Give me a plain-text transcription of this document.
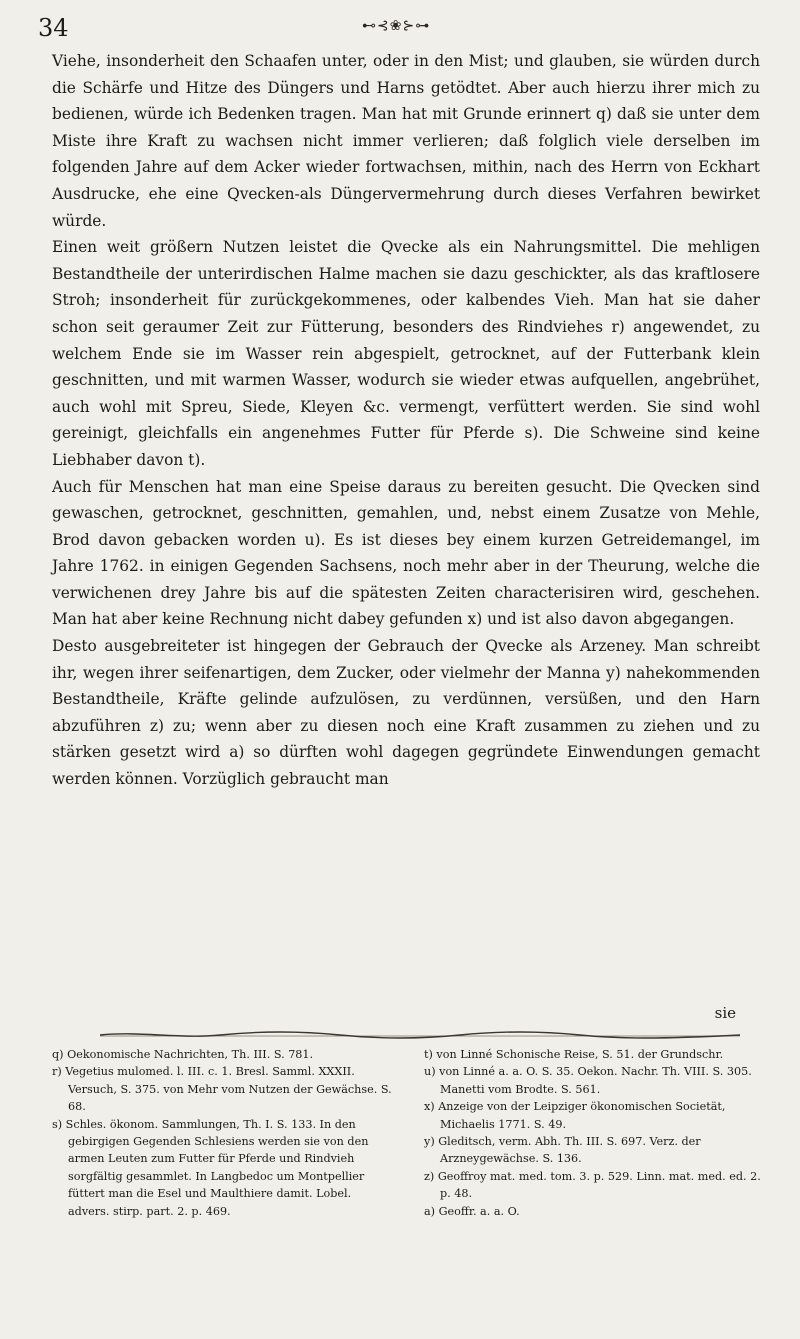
34	⊷⊰❀⊱⊶

Viehe, insonderheit den Schaafen unter, oder in den Mist; und glauben, sie würden durch die Schärfe und Hitze des Düngers und Harns getödtet. Aber auch hierzu ihrer mich zu bedienen, würde ich Bedenken tragen. Man hat mit Grunde erinnert q) daß sie unter dem Miste ihre Kraft zu wachsen nicht immer verlieren; daß folglich viele derselben im folgenden Jahre auf dem Acker wieder fortwachsen, mithin, nach des Herrn von Eckhart Ausdrucke, ehe eine Qvecken-als Düngervermehrung durch dieses Verfahren bewirket würde.

Einen weit größern Nutzen leistet die Qvecke als ein Nahrungsmittel. Die mehligen Bestandtheile der unterirdischen Halme machen sie dazu geschickter, als das kraftlosere Stroh; insonderheit für zurückgekommenes, oder kalbendes Vieh. Man hat sie daher schon seit geraumer Zeit zur Fütterung, besonders des Rindviehes r) angewendet, zu welchem Ende sie im Wasser rein abgespielt, getrocknet, auf der Futterbank klein geschnitten, und mit warmen Wasser, wodurch sie wieder etwas aufquellen, angebrühet, auch wohl mit Spreu, Siede, Kleyen &c. vermengt, verfüttert werden. Sie sind wohl gereinigt, gleichfalls ein angenehmes Futter für Pferde s). Die Schweine sind keine Liebhaber davon t).

Auch für Menschen hat man eine Speise daraus zu bereiten gesucht. Die Qvecken sind gewaschen, getrocknet, geschnitten, gemahlen, und, nebst einem Zusatze von Mehle, Brod davon gebacken worden u). Es ist dieses bey einem kurzen Getreidemangel, im Jahre 1762. in einigen Gegenden Sachsens, noch mehr aber in der Theurung, welche die verwichenen drey Jahre bis auf die spätesten Zeiten characterisiren wird, geschehen. Man hat aber keine Rechnung nicht dabey gefunden x) und ist also davon abgegangen.

Desto ausgebreiteter ist hingegen der Gebrauch der Qvecke als Arzeney. Man schreibt ihr, wegen ihrer seifenartigen, dem Zucker, oder vielmehr der Manna y) nahekommenden Bestandtheile, Kräfte gelinde aufzulösen, zu verdünnen, versüßen, und den Harn abzuführen z) zu; wenn aber zu diesen noch eine Kraft zusammen zu ziehen und zu stärken gesetzt wird a) so dürften wohl dagegen gegründete Einwendungen gemacht werden können. Vorzüglich gebraucht man

sie

q) Oekonomische Nachrichten, Th. III. S. 781.

r) Vegetius mulomed. l. III. c. 1. Bresl. Samml. XXXII. Versuch, S. 375. von Mehr vom Nutzen der Gewächse. S. 68.

s) Schles. ökonom. Sammlungen, Th. I. S. 133. In den gebirgigen Gegenden Schlesiens werden sie von den armen Leuten zum Futter für Pferde und Rindvieh sorgfältig gesammlet. In Langbedoc um Montpellier füttert man die Esel und Maulthiere damit. Lobel. advers. stirp. part. 2. p. 469.

t) von Linné Schonische Reise, S. 51. der Grundschr.

u) von Linné a. a. O. S. 35. Oekon. Nachr. Th. VIII. S. 305. Manetti vom Brodte. S. 561.

x) Anzeige von der Leipziger ökonomischen Societät, Michaelis 1771. S. 49.

y) Gleditsch, verm. Abh. Th. III. S. 697. Verz. der Arzneygewächse. S. 136.

z) Geoffroy mat. med. tom. 3. p. 529. Linn. mat. med. ed. 2. p. 48.

a) Geoffr. a. a. O.
